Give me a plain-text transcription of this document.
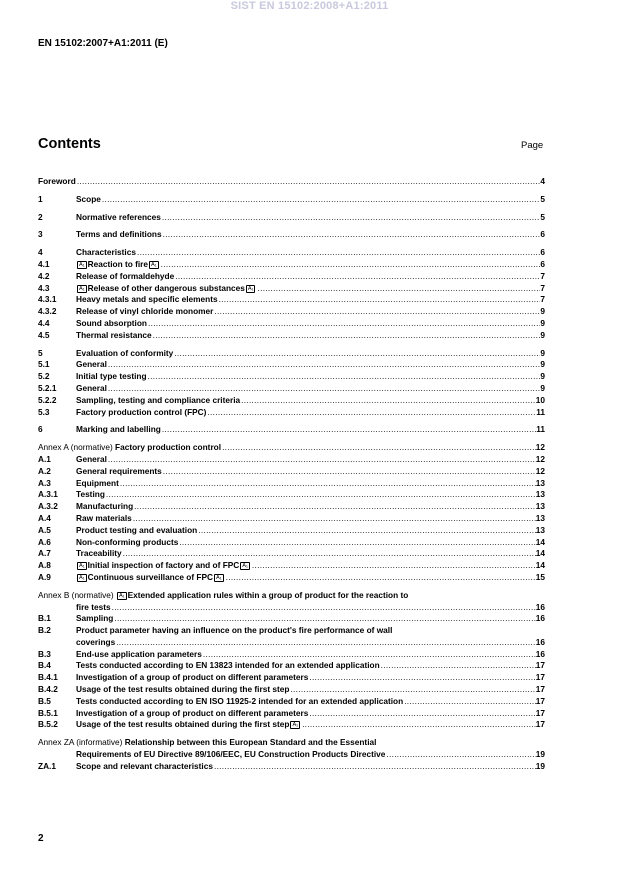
SIST EN 15102:2008+A1:2011
EN 15102:2007+A1:2011 (E)
Contents	Page
Foreword .....	4
1	Scope .....	5
2	Normative references .....	5
3	Terms and definitions .....	6
4	Characteristics .....	6
4.1	A₁ Reaction to fire A₁ .....	6
4.2	Release of formaldehyde .....	7
4.3	A₁ Release of other dangerous substances A₁ .....	7
4.3.1	Heavy metals and specific elements .....	7
4.3.2	Release of vinyl chloride monomer .....	9
4.4	Sound absorption .....	9
4.5	Thermal resistance .....	9
5	Evaluation of conformity .....	9
5.1	General .....	9
5.2	Initial type testing .....	9
5.2.1	General .....	9
5.2.2	Sampling, testing and compliance criteria .....	10
5.3	Factory production control (FPC) .....	11
6	Marking and labelling .....	11
Annex A (normative) Factory production control .....	12
A.1	General .....	12
A.2	General requirements .....	12
A.3	Equipment .....	13
A.3.1	Testing .....	13
A.3.2	Manufacturing .....	13
A.4	Raw materials .....	13
A.5	Product testing and evaluation .....	13
A.6	Non-conforming products .....	14
A.7	Traceability .....	14
A.8	A₁ Initial inspection of factory and of FPC A₁ .....	14
A.9	A₁ Continuous surveillance of FPC A₁ .....	15
Annex B (normative) A₁ Extended application rules within a group of product for the reaction to
fire tests .....	16
B.1	Sampling .....	16
B.2	Product parameter having an influence on the product's fire performance of wall
coverings .....	16
B.3	End-use application parameters .....	16
B.4	Tests conducted according to EN 13823 intended for an extended application .....	17
B.4.1	Investigation of a group of product on different parameters .....	17
B.4.2	Usage of the test results obtained during the first step .....	17
B.5	Tests conducted according to EN ISO 11925-2 intended for an extended application .....	17
B.5.1	Investigation of a group of product on different parameters .....	17
B.5.2	Usage of the test results obtained during the first step A₁ .....	17
Annex ZA (informative) Relationship between this European Standard and the Essential
Requirements of EU Directive 89/106/EEC, EU Construction Products Directive .....	19
ZA.1	Scope and relevant characteristics .....	19
2
